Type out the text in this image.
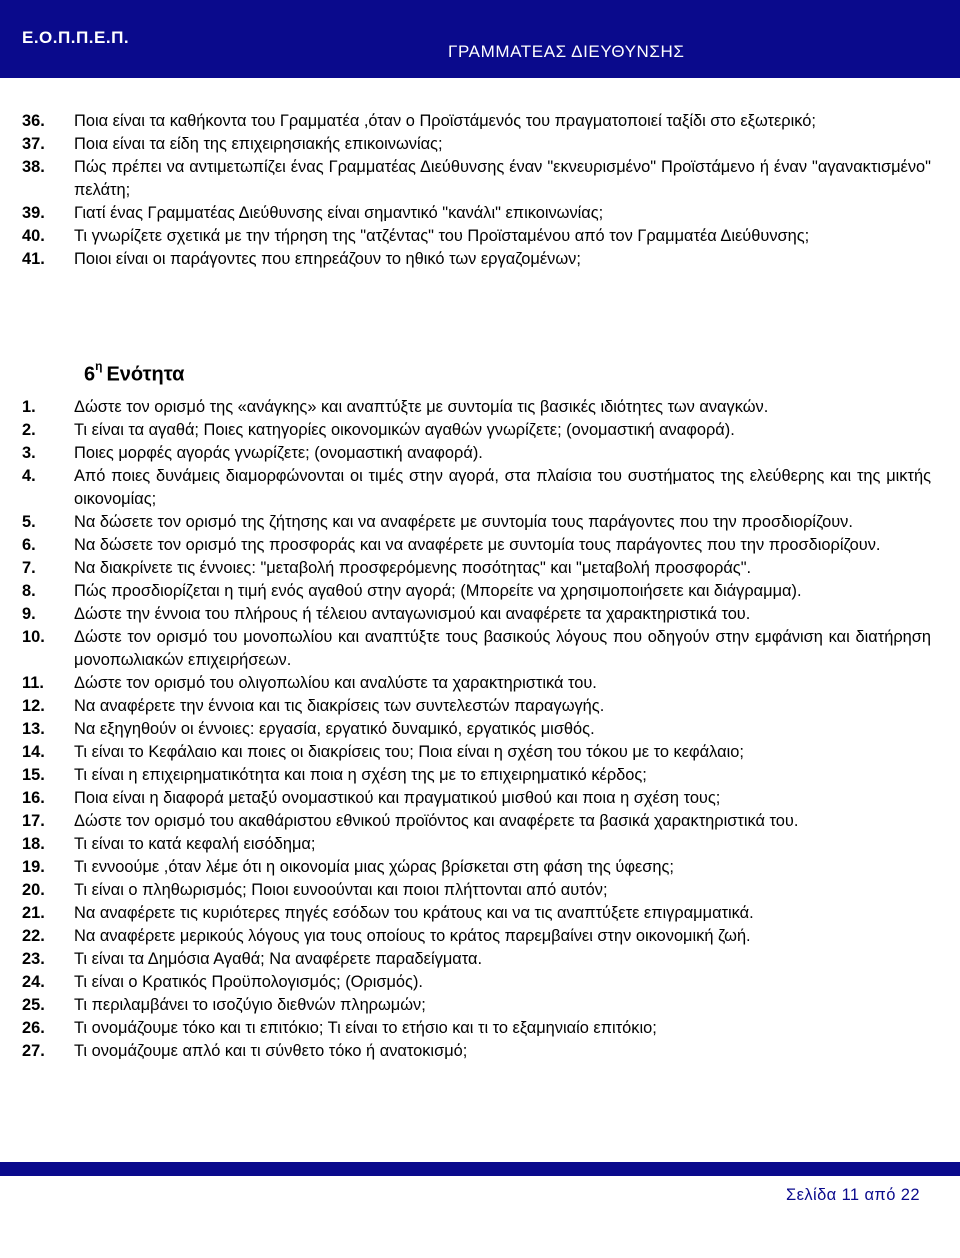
Ε.Ο.Π.Π.Ε.Π.
ΓΡΑΜΜΑΤΕΑΣ ΔΙΕΥΘΥΝΣΗΣ
36. Ποια είναι τα καθήκοντα του Γραμματέα ,όταν ο Προϊστάμενός του πραγματοποιεί ταξίδι στο εξωτερικό;
37. Ποια είναι τα είδη της επιχειρησιακής επικοινωνίας;
38. Πώς πρέπει να αντιμετωπίζει ένας Γραμματέας Διεύθυνσης έναν "εκνευρισμένο" Προϊστάμενο ή έναν "αγανακτισμένο" πελάτη;
39. Γιατί ένας Γραμματέας Διεύθυνσης είναι σημαντικό "κανάλι" επικοινωνίας;
40. Τι γνωρίζετε σχετικά με την τήρηση της "ατζέντας" του Προϊσταμένου από τον Γραμματέα Διεύθυνσης;
41. Ποιοι είναι οι παράγοντες που επηρεάζουν το ηθικό των εργαζομένων;
$6^\eta$ Ενότητα
1. Δώστε τον ορισμό της «ανάγκης» και αναπτύξτε με συντομία τις βασικές ιδιότητες των αναγκών.
2. Τι είναι τα αγαθά; Ποιες κατηγορίες οικονομικών αγαθών γνωρίζετε; (ονομαστική αναφορά).
3. Ποιες μορφές αγοράς γνωρίζετε; (ονομαστική αναφορά).
4. Από ποιες δυνάμεις διαμορφώνονται οι τιμές στην αγορά, στα πλαίσια του συστήματος της ελεύθερης και της μικτής οικονομίας;
5. Να δώσετε τον ορισμό της ζήτησης και να αναφέρετε με συντομία τους παράγοντες που την προσδιορίζουν.
6. Να δώσετε τον ορισμό της προσφοράς και να αναφέρετε με συντομία τους παράγοντες που την προσδιορίζουν.
7. Να διακρίνετε τις έννοιες: "μεταβολή προσφερόμενης ποσότητας" και "μεταβολή προσφοράς".
8. Πώς προσδιορίζεται η τιμή ενός αγαθού στην αγορά; (Μπορείτε να χρησιμοποιήσετε και διάγραμμα).
9. Δώστε την έννοια του πλήρους ή τέλειου ανταγωνισμού και αναφέρετε τα χαρακτηριστικά του.
10. Δώστε τον ορισμό του μονοπωλίου και αναπτύξτε τους βασικούς λόγους που οδηγούν στην εμφάνιση και διατήρηση μονοπωλιακών επιχειρήσεων.
11. Δώστε τον ορισμό του ολιγοπωλίου και αναλύστε τα χαρακτηριστικά του.
12. Να αναφέρετε την έννοια και τις διακρίσεις των συντελεστών παραγωγής.
13. Να εξηγηθούν οι έννοιες: εργασία, εργατικό δυναμικό, εργατικός μισθός.
14. Τι είναι το Κεφάλαιο και ποιες οι διακρίσεις του; Ποια είναι η σχέση του τόκου με το κεφάλαιο;
15. Τι είναι η επιχειρηματικότητα και ποια η σχέση της με το επιχειρηματικό κέρδος;
16. Ποια είναι η διαφορά μεταξύ ονομαστικού και πραγματικού μισθού και ποια η σχέση τους;
17. Δώστε τον ορισμό του ακαθάριστου εθνικού προϊόντος και αναφέρετε τα βασικά χαρακτηριστικά του.
18. Τι είναι το κατά κεφαλή εισόδημα;
19. Τι εννοούμε ,όταν λέμε ότι η οικονομία μιας χώρας βρίσκεται στη φάση της ύφεσης;
20. Τι είναι ο πληθωρισμός; Ποιοι ευνοούνται και ποιοι πλήττονται από αυτόν;
21. Να αναφέρετε τις κυριότερες πηγές εσόδων του κράτους και να τις αναπτύξετε επιγραμματικά.
22. Να αναφέρετε μερικούς λόγους για τους οποίους το κράτος παρεμβαίνει στην οικονομική ζωή.
23. Τι είναι τα Δημόσια Αγαθά; Να αναφέρετε παραδείγματα.
24. Τι είναι ο Κρατικός Προϋπολογισμός; (Ορισμός).
25. Τι περιλαμβάνει το ισοζύγιο διεθνών πληρωμών;
26. Τι ονομάζουμε τόκο και τι επιτόκιο; Τι είναι το ετήσιο και τι το εξαμηνιαίο επιτόκιο;
27. Τι ονομάζουμε απλό και τι σύνθετο τόκο ή ανατοκισμό;
Σελίδα 11 από 22
